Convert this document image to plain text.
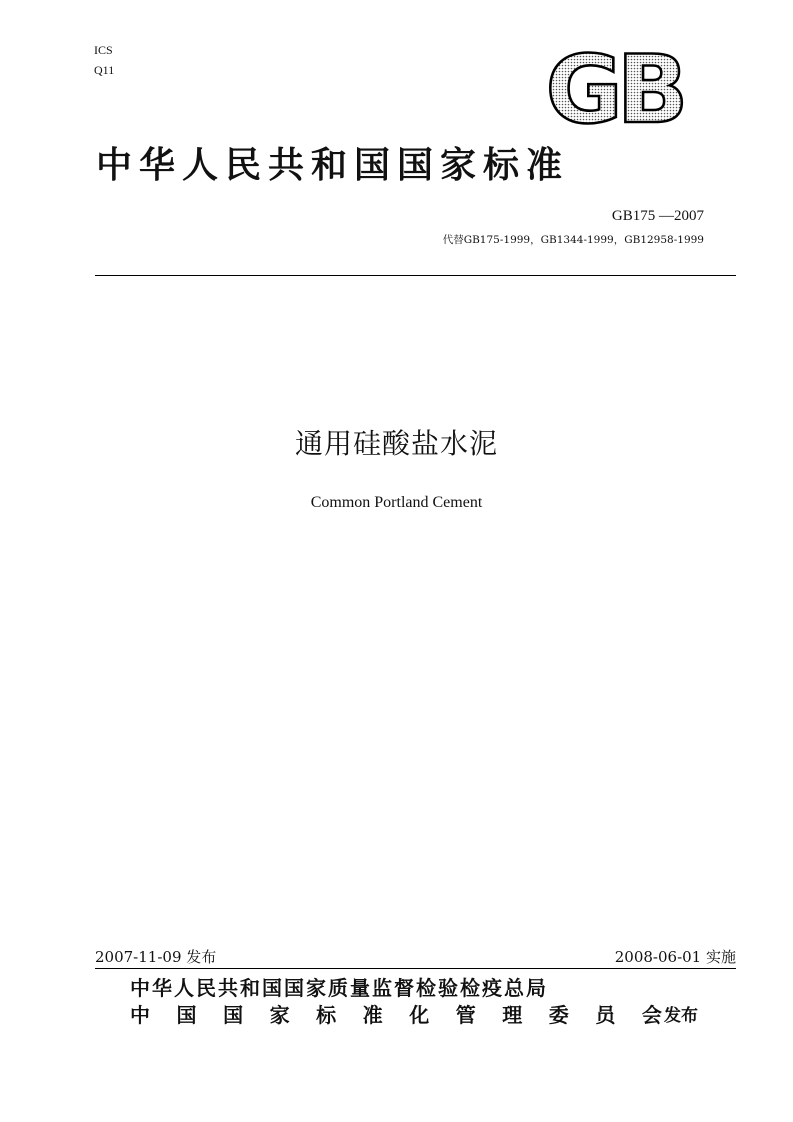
ICS
Q11	GB
中华人民共和国国家标准
GB175 —2007
代替GB175-1999，GB1344-1999，GB12958-1999
通用硅酸盐水泥
Common Portland Cement
2007-11-09 发布	2008-06-01 实施
中华人民共和国国家质量监督检验检疫总局
中 国 国 家 标 准 化 管 理 委 员 会 发布
